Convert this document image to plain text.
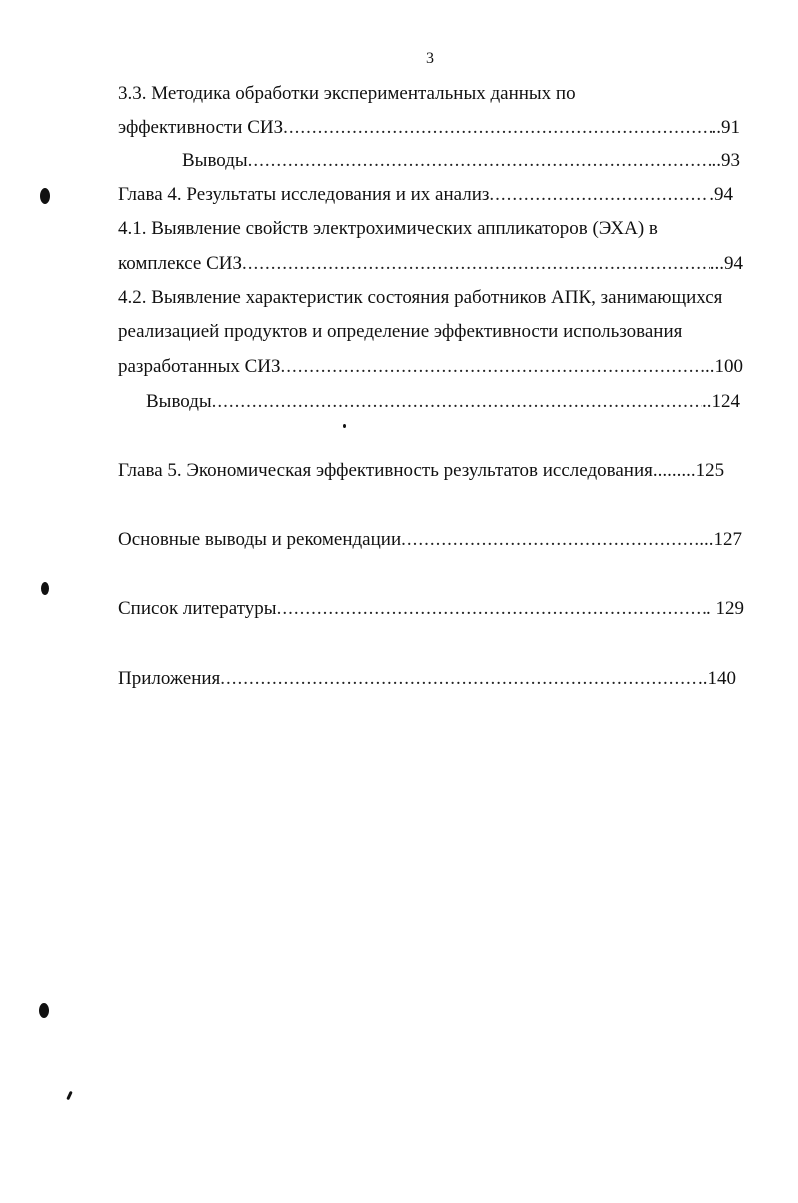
3
3.3. Методика обработки экспериментальных данных по
эффективности СИЗ .....	..91
Выводы .....	..93
Глава 4. Результаты исследования и их анализ .....	.94
4.1. Выявление свойств электрохимических аппликаторов (ЭХА) в
комплексе СИЗ .....	...94
4.2. Выявление характеристик состояния работников АПК, занимающихся
реализацией продуктов и определение эффективности использования
разработанных СИЗ .....	..100
Выводы .....	..124
Глава 5. Экономическая эффективность результатов исследования .........125
Основные выводы и рекомендации .....	...127
Список литературы .....	. 129
Приложения .....	..140
